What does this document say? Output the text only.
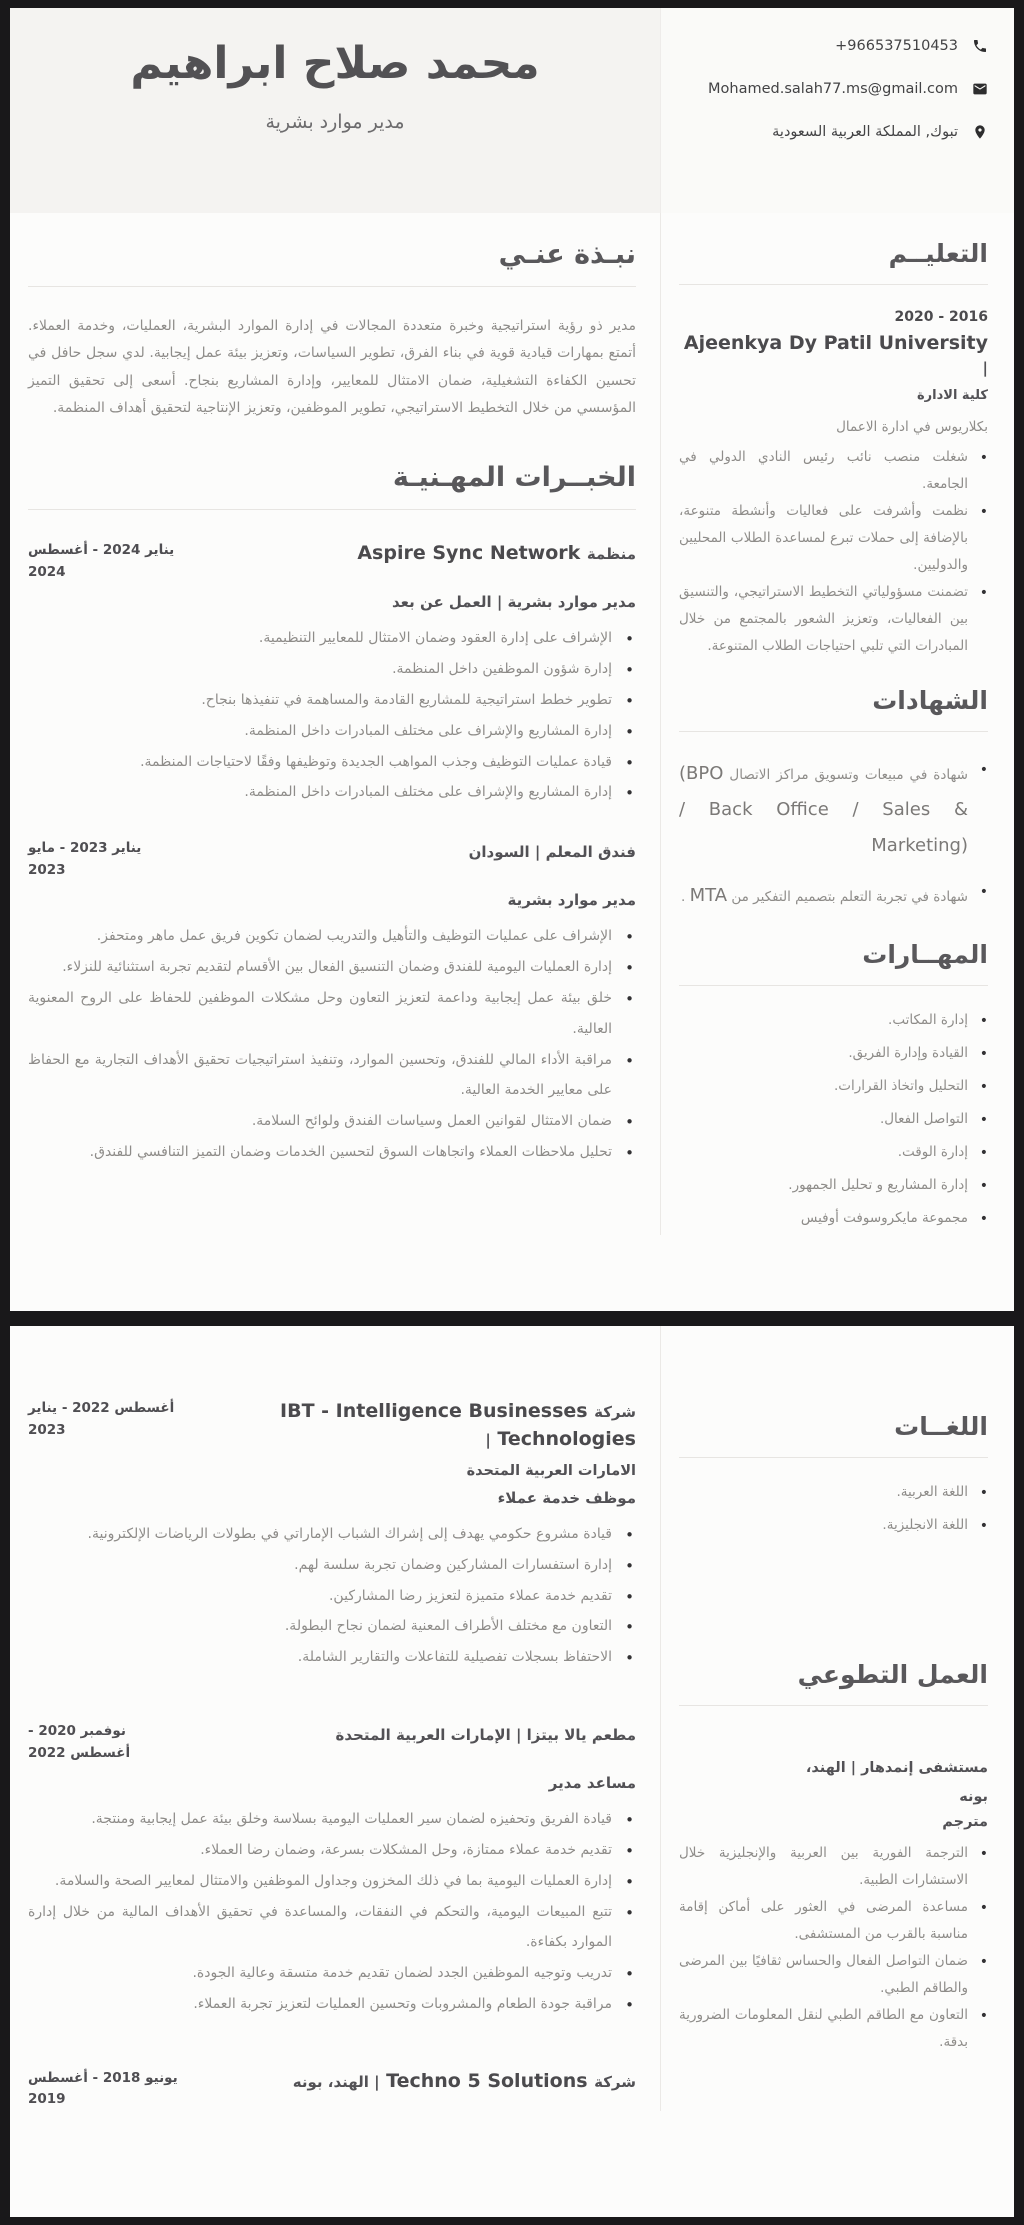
+966537510453
Mohamed.salah77.ms@gmail.com
تبوك, المملكة العربية السعودية
محمد صلاح ابراهيم
مدير موارد بشرية
التعليــم
2016 - 2020
Ajeenkya Dy Patil University |
كلية الادارة
بكلاريوس في ادارة الاعمال
• شغلت منصب نائب رئيس النادي الدولي في الجامعة.
• نظمت وأشرفت على فعاليات وأنشطة متنوعة، بالإضافة إلى حملات تبرع لمساعدة الطلاب المحليين والدوليين.
• تضمنت مسؤولياتي التخطيط الاستراتيجي، والتنسيق بين الفعاليات، وتعزيز الشعور بالمجتمع من خلال المبادرات التي تلبي احتياجات الطلاب المتنوعة.
الشهادات
• شهادة في مبيعات وتسويق مراكز الاتصال (BPO / Back Office / Sales & Marketing)
• شهادة في تجربة التعلم بتصميم التفكير من MTA .
المهــارات
• إدارة المكاتب.
• القيادة وإدارة الفريق.
• التحليل واتخاذ القرارات.
• التواصل الفعال.
• إدارة الوقت.
• إدارة المشاريع و تحليل الجمهور.
• مجموعة مايكروسوفت أوفيس
نبـذة عنـي

مدير ذو رؤية استراتيجية وخبرة متعددة المجالات في إدارة الموارد البشرية، العمليات، وخدمة العملاء. أتمتع بمهارات قيادية قوية في بناء الفرق، تطوير السياسات، وتعزيز بيئة عمل إيجابية. لدي سجل حافل في تحسين الكفاءة التشغيلية، ضمان الامتثال للمعايير، وإدارة المشاريع بنجاح. أسعى إلى تحقيق التميز المؤسسي من خلال التخطيط الاستراتيجي، تطوير الموظفين، وتعزيز الإنتاجية لتحقيق أهداف المنظمة.

الخبــرات المهـنيـة
منظمة Aspire Sync Network
يناير 2024 - أغسطس 2024
مدير موارد بشرية | العمل عن بعد
• الإشراف على إدارة العقود وضمان الامتثال للمعايير التنظيمية.
• إدارة شؤون الموظفين داخل المنظمة.
• تطوير خطط استراتيجية للمشاريع القادمة والمساهمة في تنفيذها بنجاح.
• إدارة المشاريع والإشراف على مختلف المبادرات داخل المنظمة.
• قيادة عمليات التوظيف وجذب المواهب الجديدة وتوظيفها وفقًا لاحتياجات المنظمة.
• إدارة المشاريع والإشراف على مختلف المبادرات داخل المنظمة.
فندق المعلم | السودان
يناير 2023 - مايو 2023
مدير موارد بشرية
• الإشراف على عمليات التوظيف والتأهيل والتدريب لضمان تكوين فريق عمل ماهر ومتحفز.
• إدارة العمليات اليومية للفندق وضمان التنسيق الفعال بين الأقسام لتقديم تجربة استثنائية للنزلاء.
• خلق بيئة عمل إيجابية وداعمة لتعزيز التعاون وحل مشكلات الموظفين للحفاظ على الروح المعنوية العالية.
• مراقبة الأداء المالي للفندق، وتحسين الموارد، وتنفيذ استراتيجيات تحقيق الأهداف التجارية مع الحفاظ على معايير الخدمة العالية.
• ضمان الامتثال لقوانين العمل وسياسات الفندق ولوائح السلامة.
• تحليل ملاحظات العملاء واتجاهات السوق لتحسين الخدمات وضمان التميز التنافسي للفندق.
اللغــات
• اللغة العربية.
• اللغة الانجليزية.
العمل التطوعي
مستشفى إنمدهار | الهند،
بونه
مترجم
• الترجمة الفورية بين العربية والإنجليزية خلال الاستشارات الطبية.
• مساعدة المرضى في العثور على أماكن إقامة مناسبة بالقرب من المستشفى.
• ضمان التواصل الفعال والحساس ثقافيًا بين المرضى والطاقم الطبي.
• التعاون مع الطاقم الطبي لنقل المعلومات الضرورية بدقة.
شركة IBT - Intelligence Businesses Technologies |
أغسطس 2022 - يناير 2023
الامارات العربية المتحدة
موظف خدمة عملاء
• قيادة مشروع حكومي يهدف إلى إشراك الشباب الإماراتي في بطولات الرياضات الإلكترونية.
• إدارة استفسارات المشاركين وضمان تجربة سلسة لهم.
• تقديم خدمة عملاء متميزة لتعزيز رضا المشاركين.
• التعاون مع مختلف الأطراف المعنية لضمان نجاح البطولة.
• الاحتفاظ بسجلات تفصيلية للتفاعلات والتقارير الشاملة.
مطعم يالا بيتزا | الإمارات العربية المتحدة
نوفمبر 2020 - أغسطس 2022
مساعد مدير
• قيادة الفريق وتحفيزه لضمان سير العمليات اليومية بسلاسة وخلق بيئة عمل إيجابية ومنتجة.
• تقديم خدمة عملاء ممتازة، وحل المشكلات بسرعة، وضمان رضا العملاء.
• إدارة العمليات اليومية بما في ذلك المخزون وجداول الموظفين والامتثال لمعايير الصحة والسلامة.
• تتبع المبيعات اليومية، والتحكم في النفقات، والمساعدة في تحقيق الأهداف المالية من خلال إدارة الموارد بكفاءة.
• تدريب وتوجيه الموظفين الجدد لضمان تقديم خدمة متسقة وعالية الجودة.
• مراقبة جودة الطعام والمشروبات وتحسين العمليات لتعزيز تجربة العملاء.
شركة Techno 5 Solutions | الهند، بونه
يونيو 2018 - أغسطس 2019
